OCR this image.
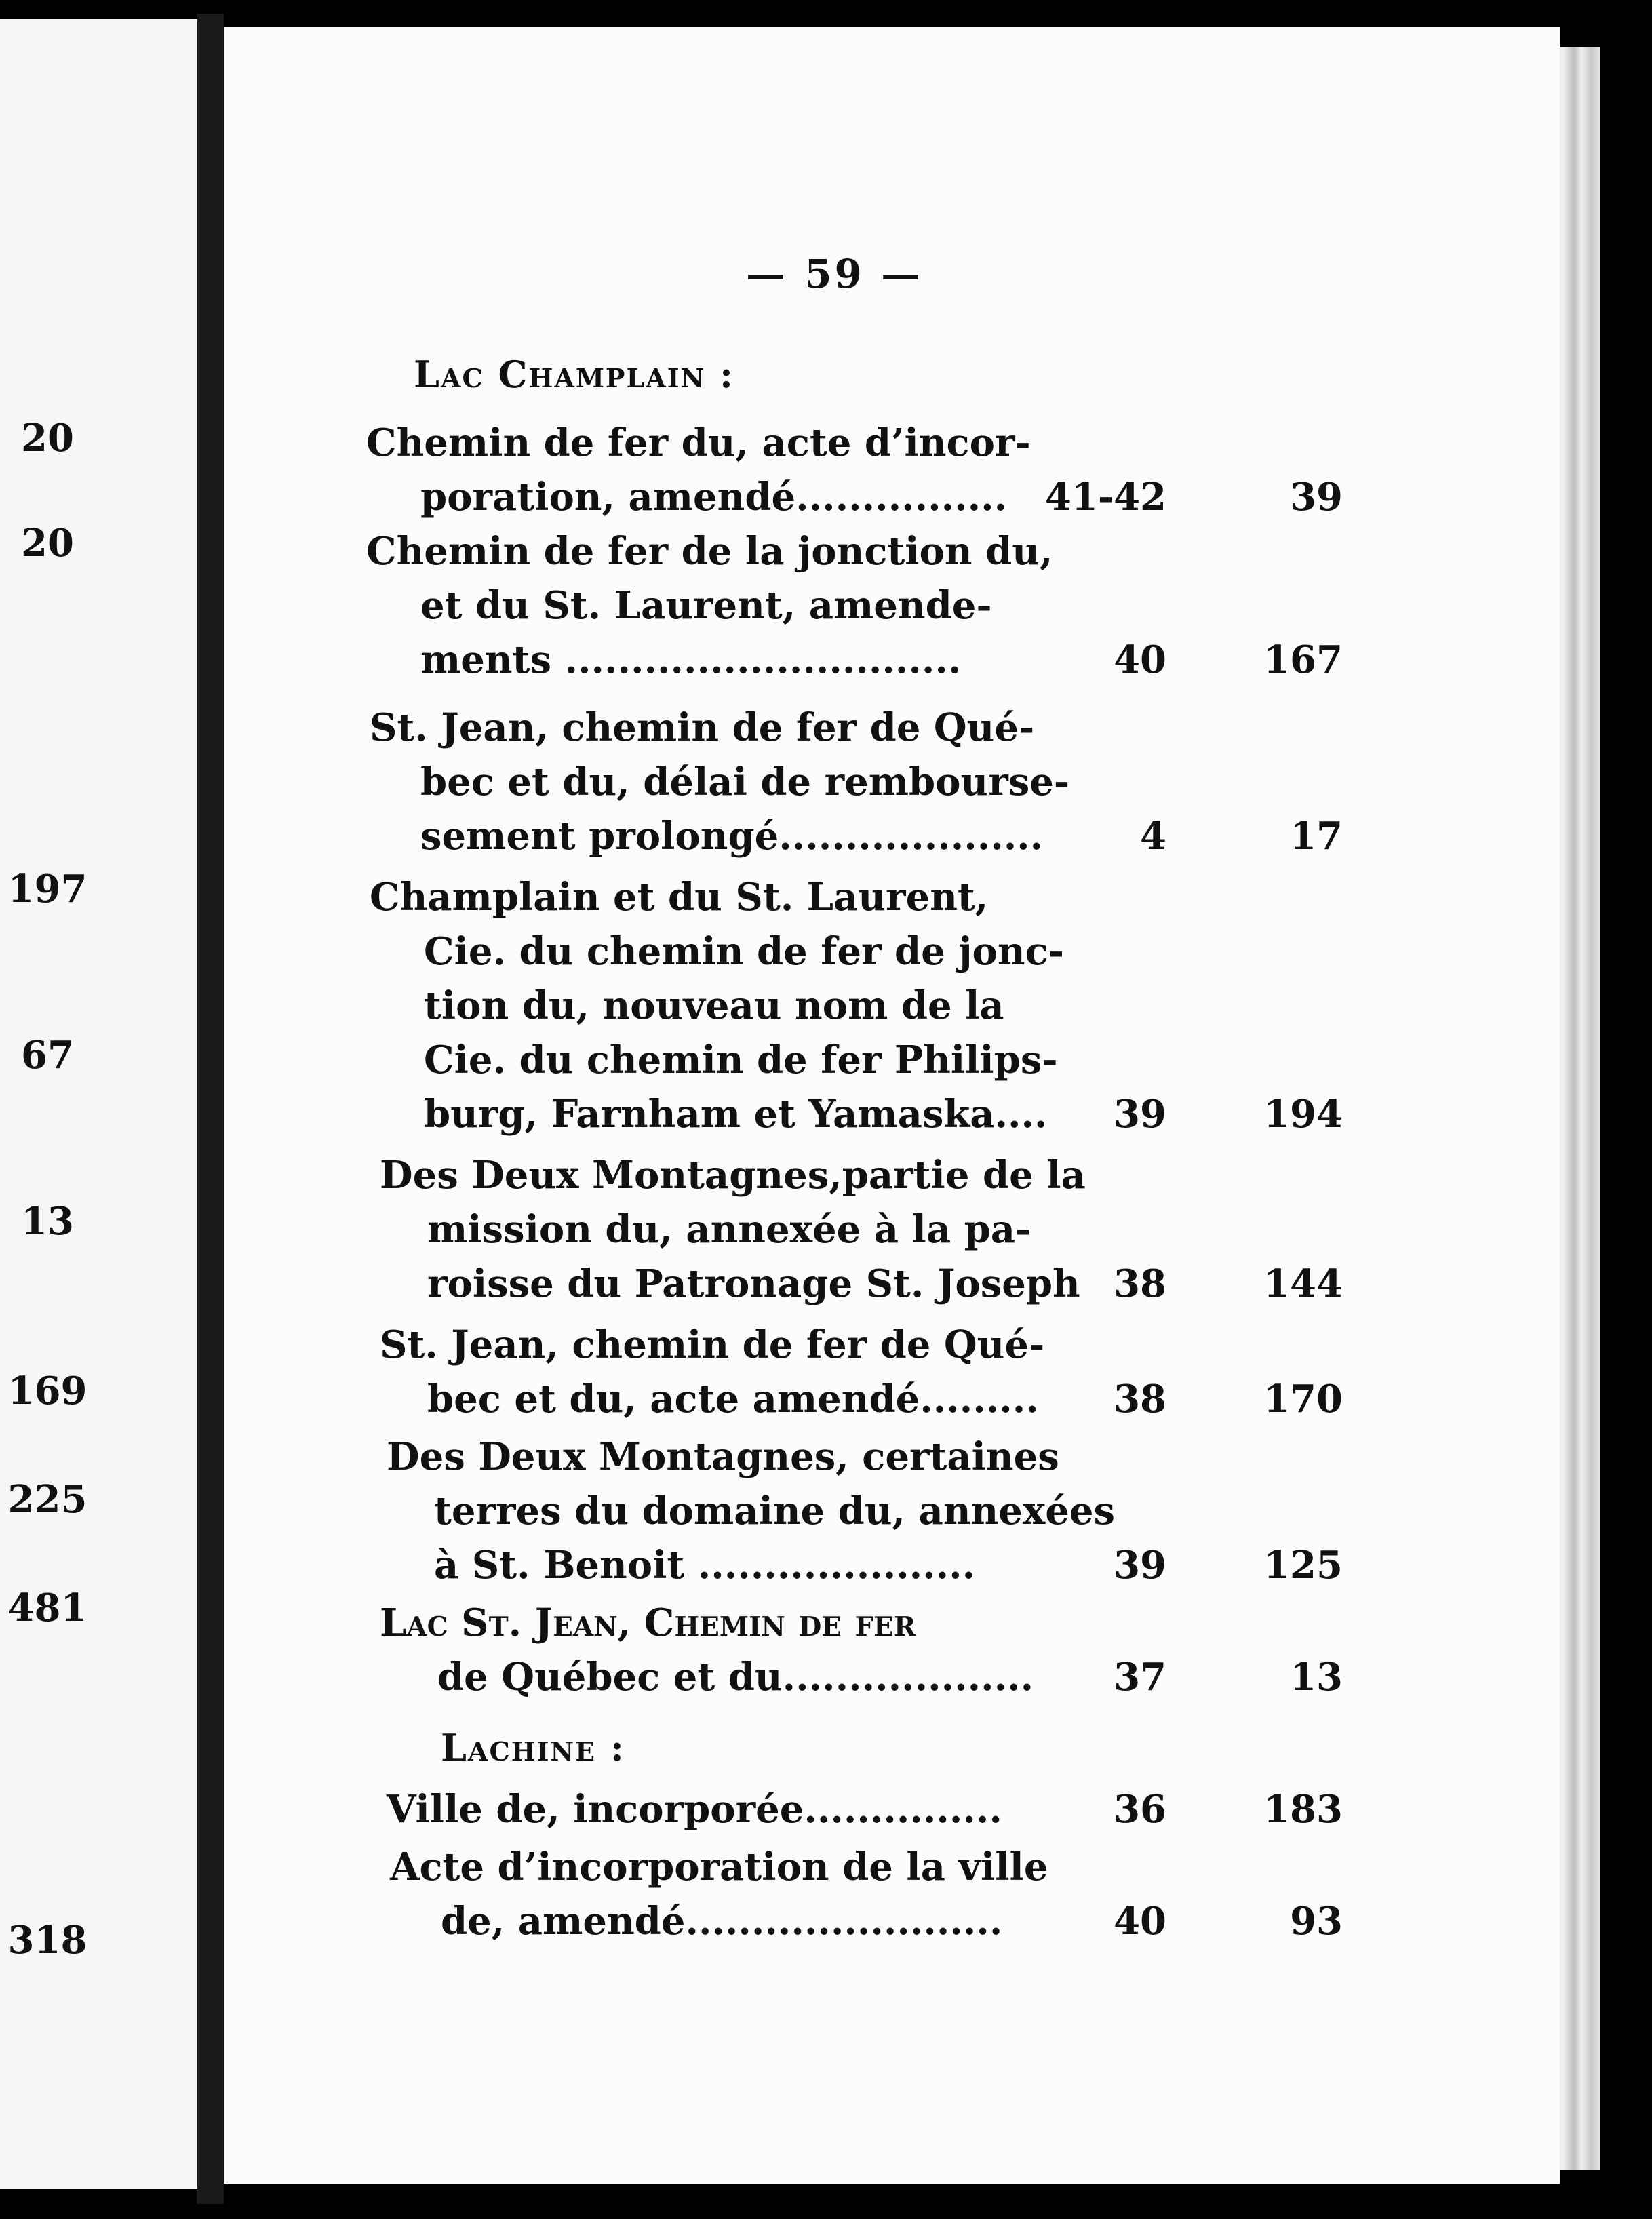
20
20
197
67
13
169
225
481
318
— 59 —
Lac Champlain :
Chemin de fer du, acte d’incor-
poration, amendé................ 41-42	39
Chemin de fer de la jonction du,
et du St. Laurent, amende-
ments ..............................	40	167
St. Jean, chemin de fer de Qué-
bec et du, délai de rembourse-
sement prolongé....................	4	17
Champlain et du St. Laurent,
Cie. du chemin de fer de jonc-
tion du, nouveau nom de la
Cie. du chemin de fer Philips-
burg, Farnham et Yamaska....	39	194
Des Deux Montagnes,partie de la
mission du, annexée à la pa-
roisse du Patronage St. Joseph 38	144
St. Jean, chemin de fer de Qué-
bec et du, acte amendé.........	38	170
Des Deux Montagnes, certaines
terres du domaine du, annexées
à St. Benoit .....................	39	125
Lac St. Jean, Chemin de fer
de Québec et du...................	37	13
Lachine :
Ville de, incorporée...............	36	183
Acte d’incorporation de la ville
de, amendé........................	40	93
